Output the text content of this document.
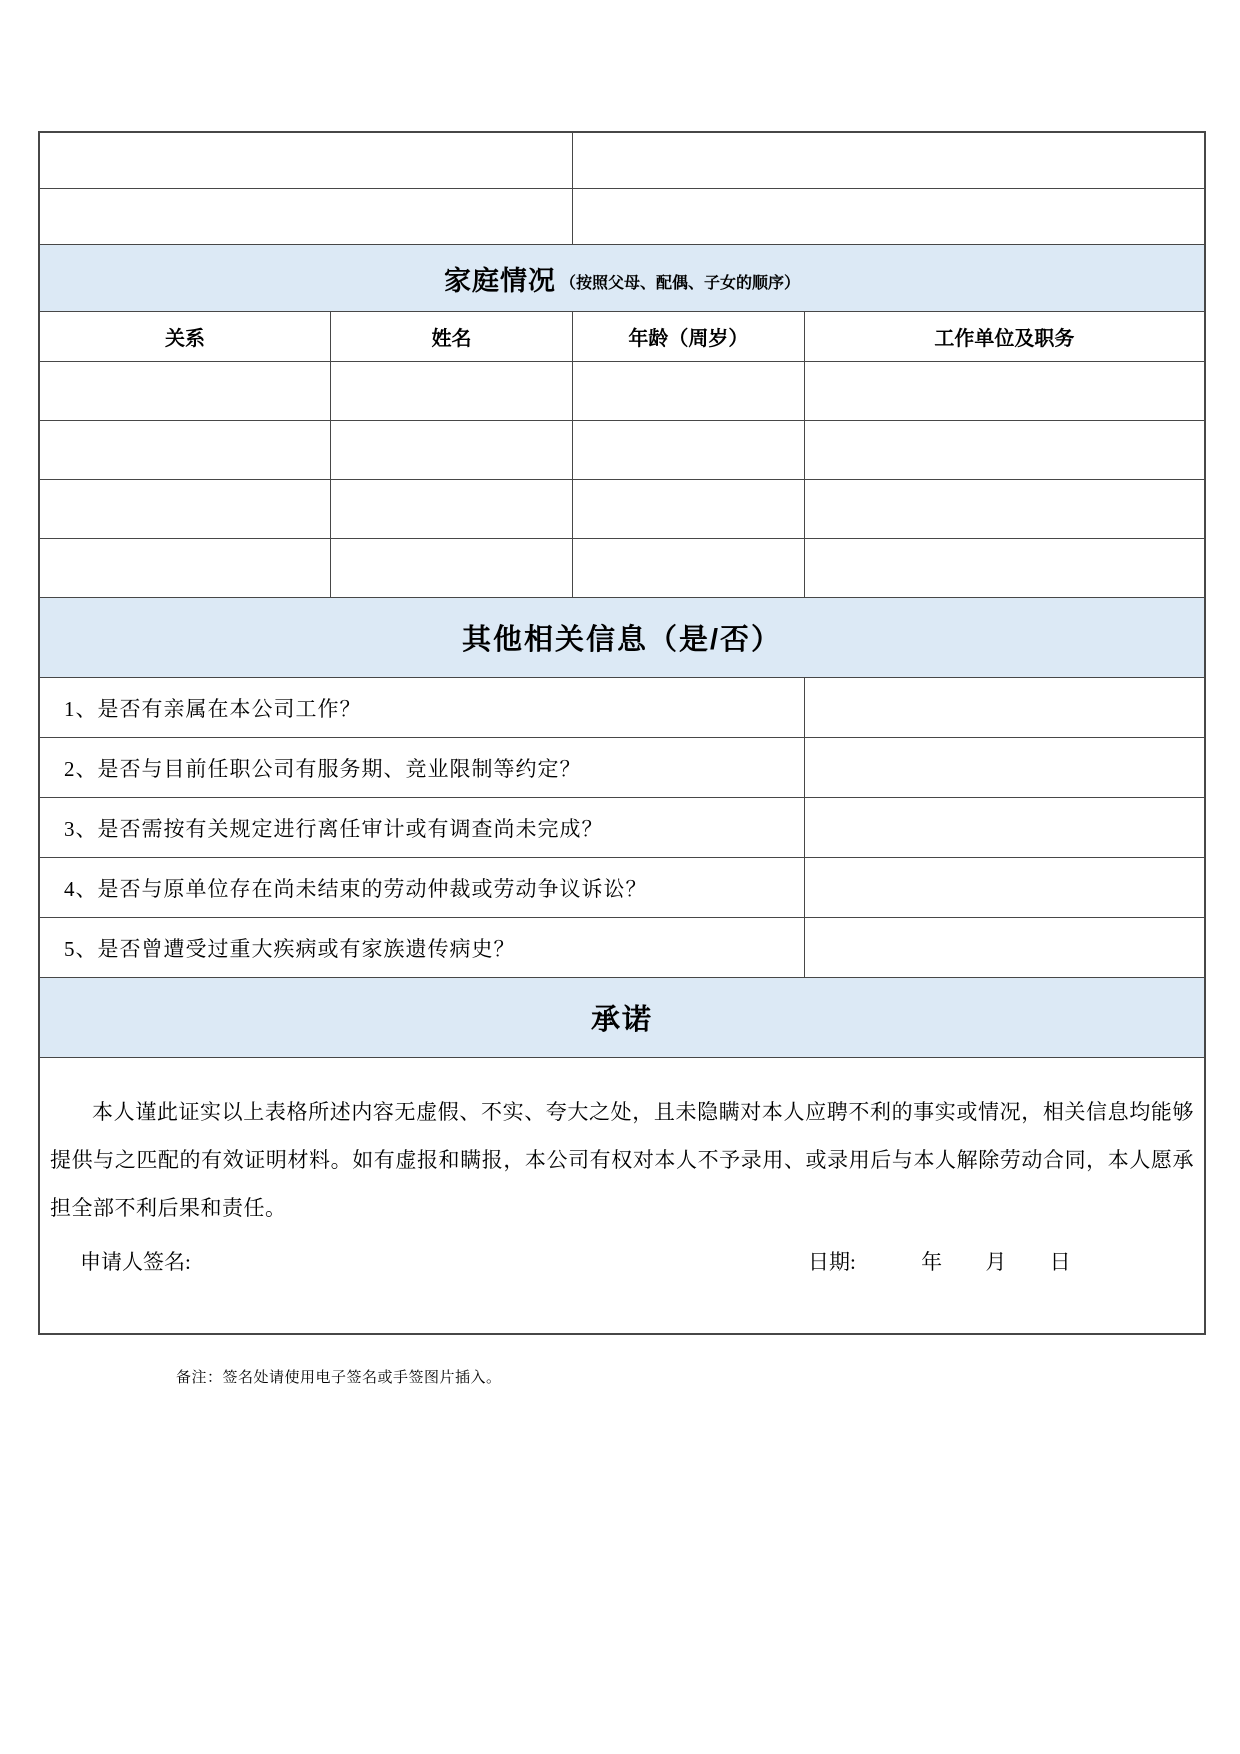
家庭情况 （按照父母、配偶、子女的顺序）
关系	姓名	年龄（周岁）	工作单位及职务
其他相关信息（是/否）
1、是否有亲属在本公司工作？
2、是否与目前任职公司有服务期、竞业限制等约定？
3、是否需按有关规定进行离任审计或有调查尚未完成？
4、是否与原单位存在尚未结束的劳动仲裁或劳动争议诉讼？
5、是否曾遭受过重大疾病或有家族遗传病史？
承诺

本人谨此证实以上表格所述内容无虚假、不实、夸大之处，且未隐瞒对本人应聘不利的事实或情况，相关信息均能够提供与之匹配的有效证明材料。如有虚报和瞒报，本公司有权对本人不予录用、或录用后与本人解除劳动合同，本人愿承担全部不利后果和责任。

申请人签名:	日期:	年 月 日
备注：签名处请使用电子签名或手签图片插入。
